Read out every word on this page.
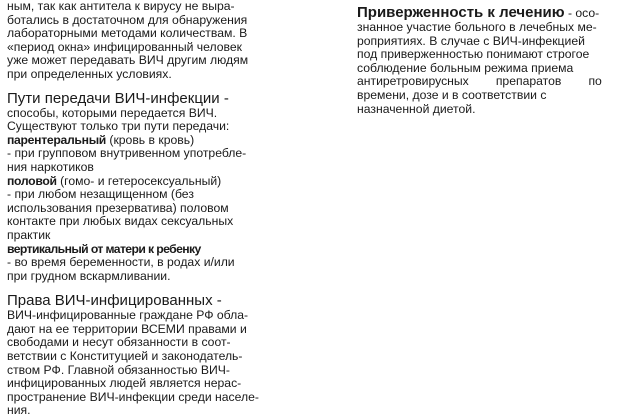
ным, так как антитела к вирусу не выра-

ботались в достаточном для обнаружения

лабораторными методами количествам. В

«период окна» инфицированный человек

уже может передавать ВИЧ другим людям

при определенных условиях.

Пути передачи ВИЧ-инфекции -

способы, которыми передается ВИЧ.

Существуют только три пути передачи:

парентеральный (кровь в кровь)

- при групповом внутривенном употребле-

ния наркотиков

половой (гомо- и гетеросексуальный)

- при любом незащищенном (без

использования презерватива) половом

контакте при любых видах сексуальных

практик

вертикальный от матери к ребенку

- во время беременности, в родах и/или

при грудном вскармливании.

Права ВИЧ-инфицированных -

ВИЧ-инфицированные граждане РФ обла-

дают на ее территории ВСЕМИ правами и

свободами и несут обязанности в соот-

ветствии с Конституцией и законодатель-

ством РФ. Главной обязанностью ВИЧ-

инфицированных людей является нерас-

пространение ВИЧ-инфекции среди населе-

ния.

Приверженность к лечению - осо-

знанное участие больного в лечебных ме-

роприятиях. В случае с ВИЧ-инфекцией

под приверженностью понимают строгое

соблюдение больным режима приема

антиретровирусных        препаратов        по

времени, дозе и в соответствии с

назначенной диетой.
